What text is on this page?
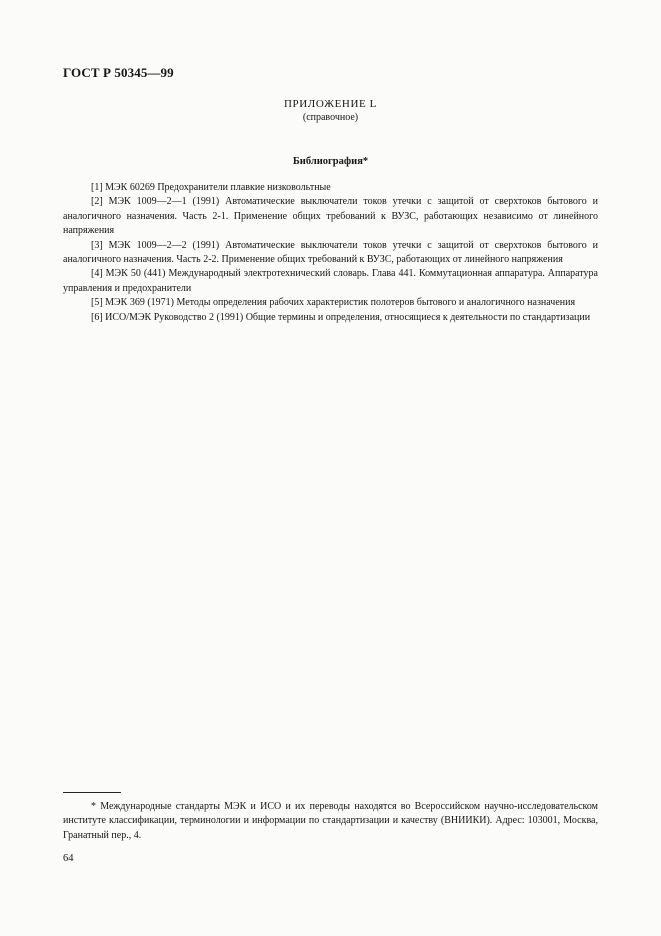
ГОСТ Р 50345—99
ПРИЛОЖЕНИЕ L
(справочное)
Библиография*

[1] МЭК 60269 Предохранители плавкие низковольтные

[2] МЭК 1009—2—1 (1991) Автоматические выключатели токов утечки с защитой от сверхтоков бытового и аналогичного назначения. Часть 2-1. Применение общих требований к ВУЗС, работающих независимо от линейного напряжения

[3] МЭК 1009—2—2 (1991) Автоматические выключатели токов утечки с защитой от сверхтоков бытового и аналогичного назначения. Часть 2-2. Применение общих требований к ВУЗС, работающих от линейного напряжения

[4] МЭК 50 (441) Международный электротехнический словарь. Глава 441. Коммутационная аппаратура. Аппаратура управления и предохранители

[5] МЭК 369 (1971) Методы определения рабочих характеристик полотеров бытового и аналогичного назначения

[6] ИСО/МЭК Руководство 2 (1991) Общие термины и определения, относящиеся к деятельности по стандартизации

* Международные стандарты МЭК и ИСО и их переводы находятся во Всероссийском научно-исследовательском институте классификации, терминологии и информации по стандартизации и качеству (ВНИИКИ). Адрес: 103001, Москва, Гранатный пер., 4.
64
